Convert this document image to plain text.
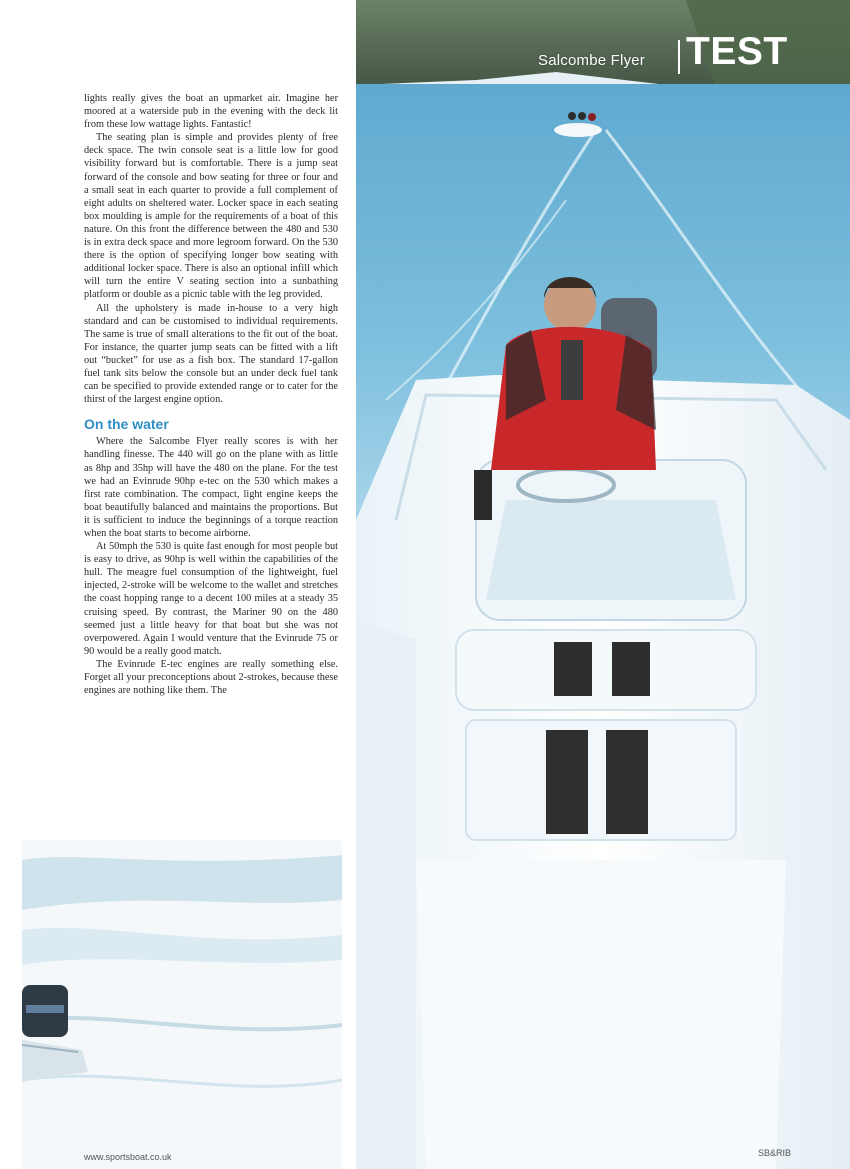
Salcombe Flyer TEST

lights really gives the boat an upmarket air. Imagine her moored at a waterside pub in the evening with the deck lit from these low wattage lights. Fantastic!

The seating plan is simple and provides plenty of free deck space. The twin console seat is a little low for good visibility forward but is comfortable. There is a jump seat forward of the console and bow seating for three or four and a small seat in each quarter to provide a full complement of eight adults on sheltered water. Locker space in each seating box moulding is ample for the requirements of a boat of this nature. On this front the difference between the 480 and 530 is in extra deck space and more legroom forward. On the 530 there is the option of specifying longer bow seating with additional locker space. There is also an optional infill which will turn the entire V seating section into a sunbathing platform or double as a picnic table with the leg provided.

All the upholstery is made in-house to a very high standard and can be customised to individual requirements. The same is true of small alterations to the fit out of the boat. For instance, the quarter jump seats can be fitted with a lift out “bucket” for use as a fish box. The standard 17-gallon fuel tank sits below the console but an under deck fuel tank can be specified to provide extended range or to cater for the thirst of the largest engine option.

On the water

Where the Salcombe Flyer really scores is with her handling finesse. The 440 will go on the plane with as little as 8hp and 35hp will have the 480 on the plane. For the test we had an Evinrude 90hp e-tec on the 530 which makes a first rate combination. The compact, light engine keeps the boat beautifully balanced and maintains the proportions. But it is sufficient to induce the beginnings of a torque reaction when the boat starts to become airborne.

At 50mph the 530 is quite fast enough for most people but is easy to drive, as 90hp is well within the capabilities of the hull. The meagre fuel consumption of the lightweight, fuel injected, 2-stroke will be welcome to the wallet and stretches the coast hopping range to a decent 100 miles at a steady 35 cruising speed. By contrast, the Mariner 90 on the 480 seemed just a little heavy for that boat but she was not overpowered. Again I would venture that the Evinrude 75 or 90 would be a really good match.

The Evinrude E-tec engines are really something else. Forget all your preconceptions about 2-strokes, because these engines are nothing like them. The

www.sportsboat.co.uk	SB&RIB
